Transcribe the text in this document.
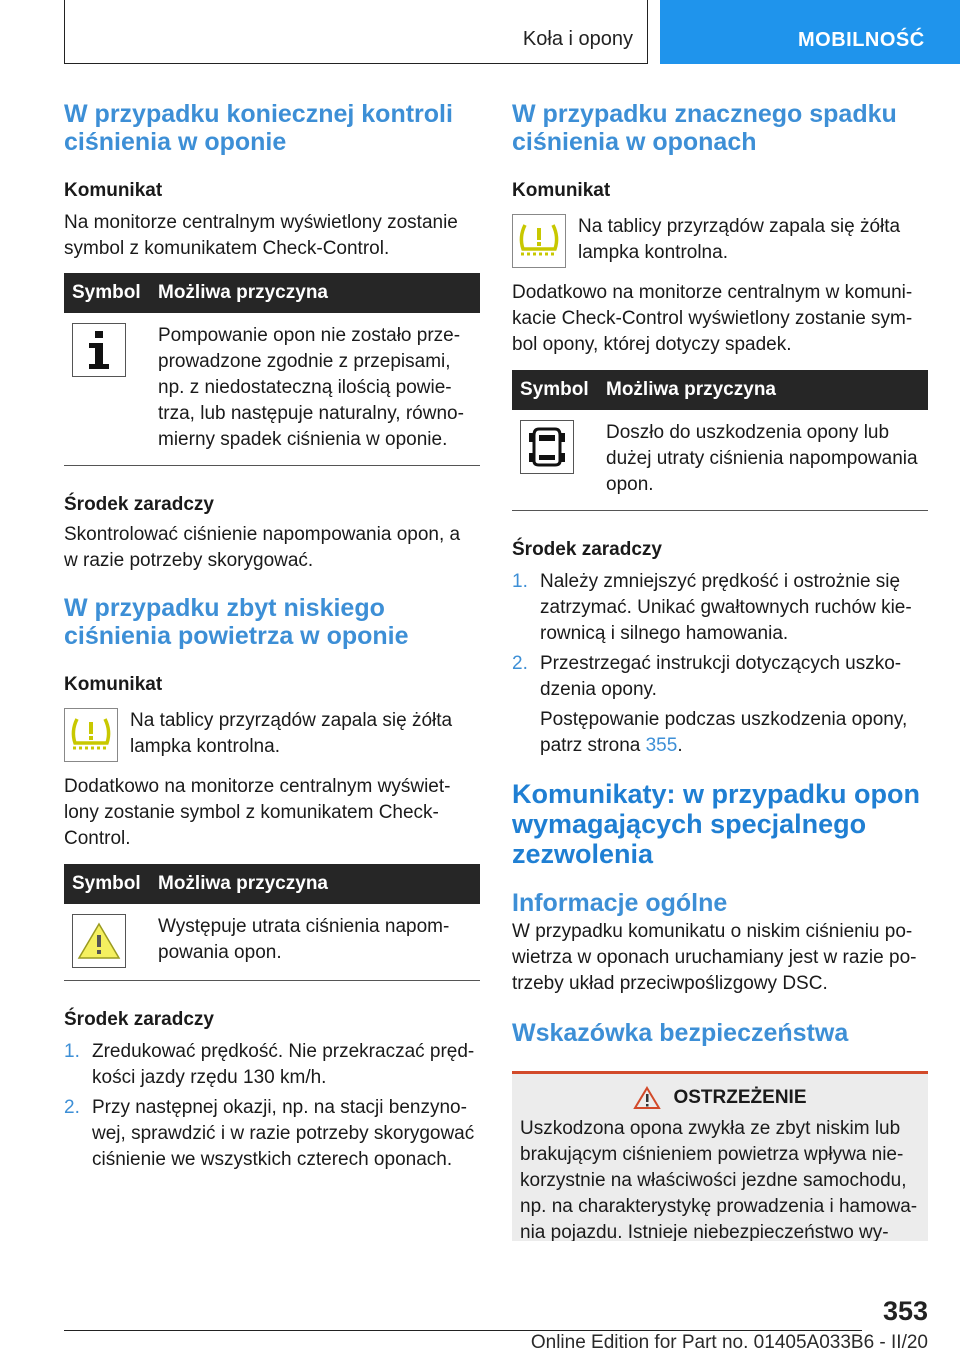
Koła i opony	MOBILNOŚĆ
W przypadku koniecznej kontroli ciśnienia w oponie

Komunikat

Na monitorze centralnym wyświetlony zostanie symbol z komunikatem Check-Control.

Symbol Możliwa przyczyna
Pompowanie opon nie zostało prze-prowadzone zgodnie z przepisami, np. z niedostateczną ilością powie-trza, lub następuje naturalny, równo-mierny spadek ciśnienia w oponie.

Środek zaradczy

Skontrolować ciśnienie napompowania opon, a w razie potrzeby skorygować.

W przypadku zbyt niskiego ciśnienia powietrza w oponie

Komunikat

Na tablicy przyrządów zapala się żółta lampka kontrolna.

Dodatkowo na monitorze centralnym wyświet-lony zostanie symbol z komunikatem Check-Control.

Symbol Możliwa przyczyna
Występuje utrata ciśnienia napom-powania opon.

Środek zaradczy

1. Zredukować prędkość. Nie przekraczać pręd-kości jazdy rzędu 130 km/h.
2. Przy następnej okazji, np. na stacji benzyno-wej, sprawdzić i w razie potrzeby skorygować ciśnienie we wszystkich czterech oponach.
W przypadku znacznego spadku ciśnienia w oponach

Komunikat

Na tablicy przyrządów zapala się żółta lampka kontrolna.

Dodatkowo na monitorze centralnym w komuni-kacie Check-Control wyświetlony zostanie sym-bol opony, której dotyczy spadek.

Symbol Możliwa przyczyna
Doszło do uszkodzenia opony lub dużej utraty ciśnienia napompowania opon.

Środek zaradczy

1. Należy zmniejszyć prędkość i ostrożnie się zatrzymać. Unikać gwałtownych ruchów kie-rownicą i silnego hamowania.
2. Przestrzegać instrukcji dotyczących uszko-dzenia opony.
Postępowanie podczas uszkodzenia opony, patrz strona 355.
Komunikaty: w przypadku opon wymagających specjalnego zezwolenia
Informacje ogólne

W przypadku komunikatu o niskim ciśnieniu po-wietrza w oponach uruchamiany jest w razie po-trzeby układ przeciwpoślizgowy DSC.

Wskazówka bezpieczeństwa
OSTRZEŻENIE

Uszkodzona opona zwykła ze zbyt niskim lub brakującym ciśnieniem powietrza wpływa nie-korzystnie na właściwości jezdne samochodu, np. na charakterystykę prowadzenia i hamowa-nia pojazdu. Istnieje niebezpieczeństwo wy-

353
Online Edition for Part no. 01405A033B6 - II/20
